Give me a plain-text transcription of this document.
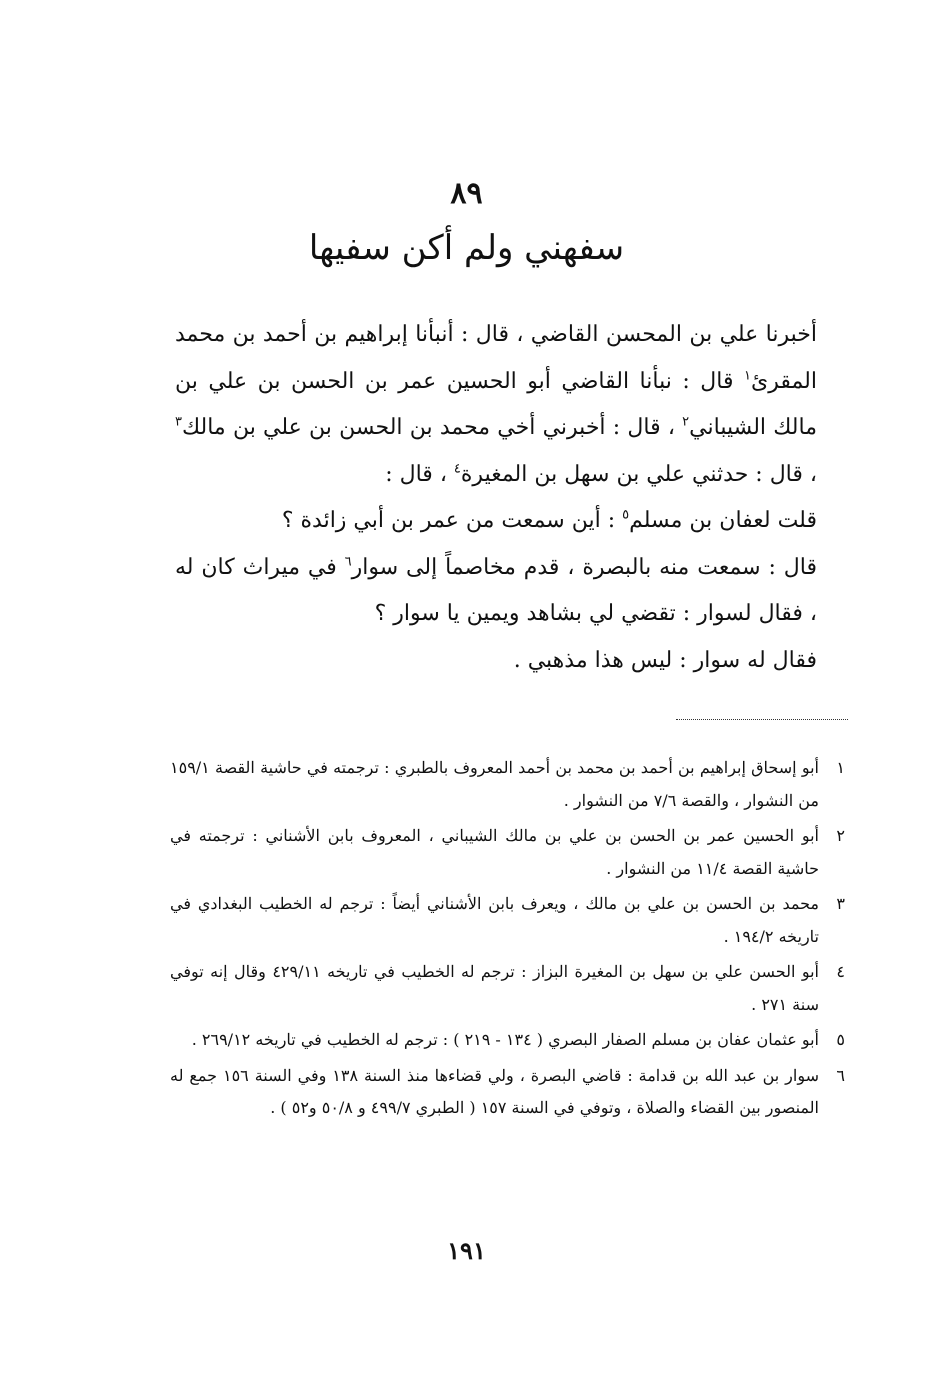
٨٩
سفهني ولم أكن سفيها

أخبرنا علي بن المحسن القاضي ، قال : أنبأنا إبراهيم بن أحمد بن محمد المقرئ$^١$ قال : نبأنا القاضي أبو الحسين عمر بن الحسن بن علي بن مالك الشيباني$^٢$ ، قال : أخبرني أخي محمد بن الحسن بن علي بن مالك$^٣$ ، قال : حدثني علي بن سهل بن المغيرة$^٤$ ، قال :

قلت لعفان بن مسلم$^٥$ : أين سمعت من عمر بن أبي زائدة ؟

قال : سمعت منه بالبصرة ، قدم مخاصماً إلى سوار$^٦$ في ميراث كان له ، فقال لسوار : تقضي لي بشاهد ويمين يا سوار ؟

فقال له سوار : ليس هذا مذهبي .

١
أبو إسحاق إبراهيم بن أحمد بن محمد بن أحمد المعروف بالطبري : ترجمته في حاشية القصة ١٥٩/١ من النشوار ، والقصة ٧/٦ من النشوار .
٢
أبو الحسين عمر بن الحسن بن علي بن مالك الشيباني ، المعروف بابن الأشناني : ترجمته في حاشية القصة ١١/٤ من النشوار .
٣
محمد بن الحسن بن علي بن مالك ، ويعرف بابن الأشناني أيضاً : ترجم له الخطيب البغدادي في تاريخه ١٩٤/٢ .
٤
أبو الحسن علي بن سهل بن المغيرة البزاز : ترجم له الخطيب في تاريخه ٤٢٩/١١ وقال إنه توفي سنة ٢٧١ .
٥
أبو عثمان عفان بن مسلم الصفار البصري ( ١٣٤ - ٢١٩ ) : ترجم له الخطيب في تاريخه ٢٦٩/١٢ .
٦
سوار بن عبد الله بن قدامة : قاضي البصرة ، ولي قضاءها منذ السنة ١٣٨ وفي السنة ١٥٦ جمع له المنصور بين القضاء والصلاة ، وتوفي في السنة ١٥٧ ( الطبري ٤٩٩/٧ و ٥٠/٨ و٥٢ ) .
١٩١
